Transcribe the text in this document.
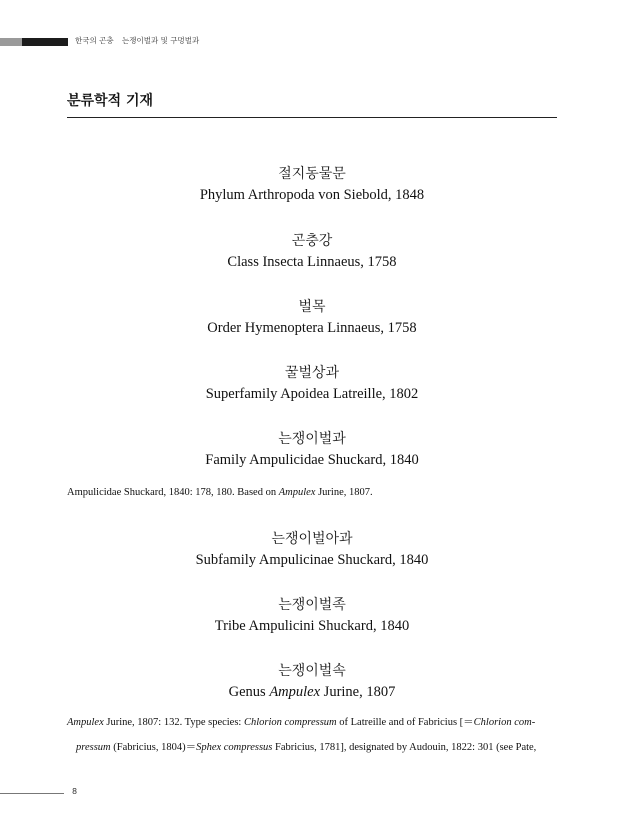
한국의 곤충 는쟁이벌과 및 구멍벌과
분류학적 기재
절지동물문
Phylum Arthropoda von Siebold, 1848
곤충강
Class Insecta Linnaeus, 1758
벌목
Order Hymenoptera Linnaeus, 1758
꿀벌상과
Superfamily Apoidea Latreille, 1802
는쟁이벌과
Family Ampulicidae Shuckard, 1840
Ampulicidae Shuckard, 1840: 178, 180. Based on Ampulex Jurine, 1807.
는쟁이벌아과
Subfamily Ampulicinae Shuckard, 1840
는쟁이벌족
Tribe Ampulicini Shuckard, 1840
는쟁이벌속
Genus Ampulex Jurine, 1807
Ampulex Jurine, 1807: 132. Type species: Chlorion compressum of Latreille and of Fabricius [＝Chlorion com-
pressum (Fabricius, 1804)＝Sphex compressus Fabricius, 1781], designated by Audouin, 1822: 301 (see Pate,
8
